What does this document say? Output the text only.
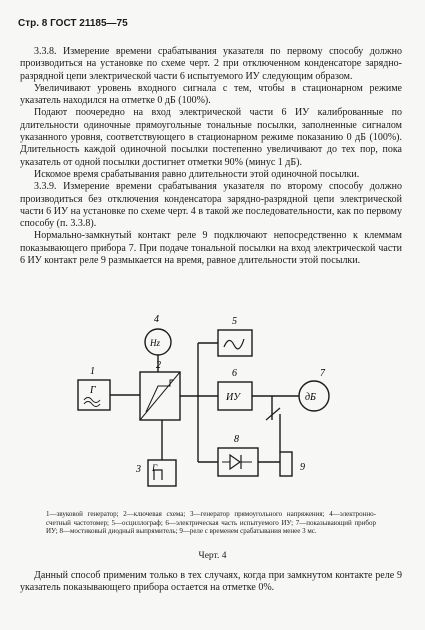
Стр. 8 ГОСТ 21185—75

3.3.8. Измерение времени срабатывания указателя по первому способу должно производиться на установке по схеме черт. 2 при отключенном конденсаторе зарядно-разрядной цепи электрической части 6 испытуемого ИУ следующим образом.

Увеличивают уровень входного сигнала с тем, чтобы в стационарном режиме указатель находился на отметке 0 дБ (100%).

Подают поочередно на вход электрической части 6 ИУ калиброванные по длительности одиночные прямоугольные тональные посылки, заполненные сигналом указанного уровня, соответствующего в стационарном режиме показанию 0 дБ (100%). Длительность каждой одиночной посылки постепенно увеличивают до тех пор, пока указатель от одной посылки достигнет отметки 90% (минус 1 дБ).

Искомое время срабатывания равно длительности этой одиночной посылки.

3.3.9. Измерение времени срабатывания указателя по второму способу должно производиться без отключения конденсатора зарядно-разрядной цепи электрической части 6 ИУ на установке по схеме черт. 4 в такой же последовательности, как по первому способу (п. 3.3.8).

Нормально-замкнутый контакт реле 9 подключают непосредственно к клеммам показывающего прибора 7. При подаче тональной посылки на вход электрической части 6 ИУ контакт реле 9 размыкается на время, равное длительности этой посылки.

Hz
ИУ	дБ
Г
Г
1
2
3
4	5
6	7
8
9
1—звуковой генератор; 2—ключевая схема; 3—генератор прямоугольного напряжения; 4—электронно-счетный частотомер; 5—осциллограф; 6—электрическая часть испытуемого ИУ; 7—показывающий прибор ИУ; 8—мостиковый диодный выпрямитель; 9—реле с временем срабатывания менее 3 мс.
Черт. 4

Данный способ применим только в тех случаях, когда при замкнутом контакте реле 9 указатель показывающего прибора остается на отметке 0%.
